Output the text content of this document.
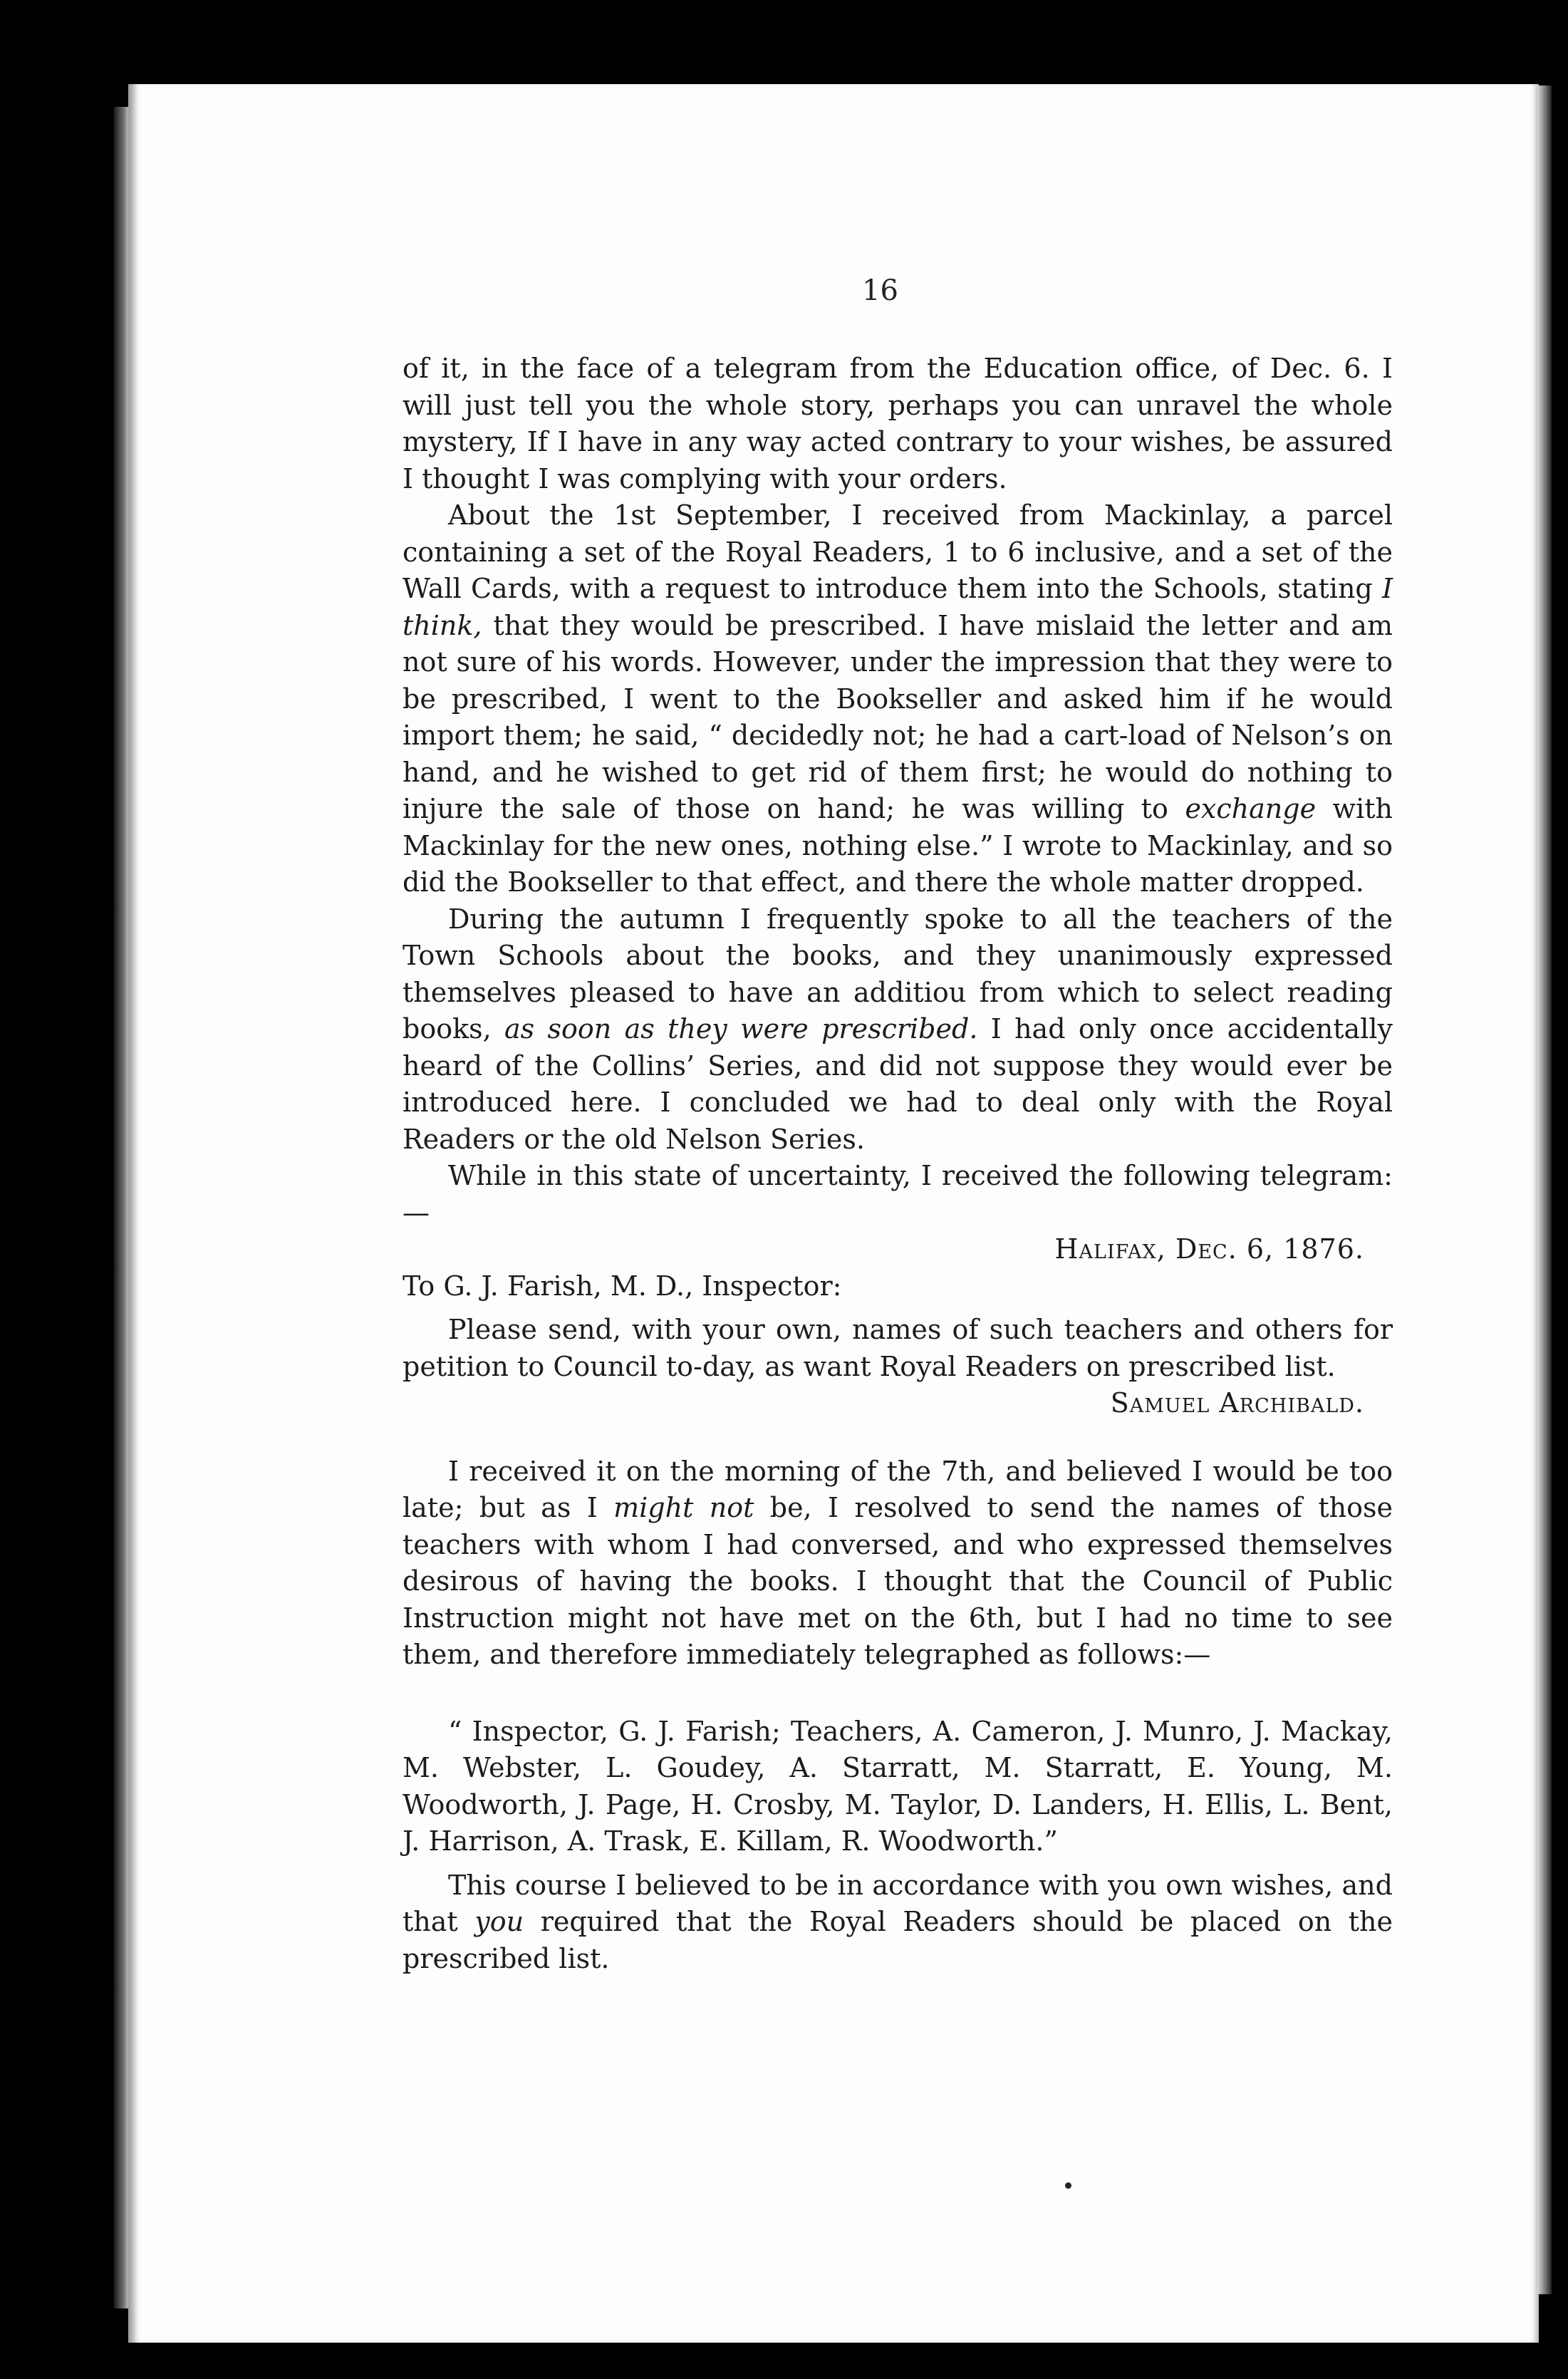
16

of it, in the face of a telegram from the Education office, of Dec. 6. I will just tell you the whole story, perhaps you can unravel the whole mystery, If I have in any way acted contrary to your wishes, be assured I thought I was complying with your orders.

About the 1st September, I received from Mackinlay, a parcel containing a set of the Royal Readers, 1 to 6 inclusive, and a set of the Wall Cards, with a request to introduce them into the Schools, stating I think, that they would be prescribed. I have mislaid the letter and am not sure of his words. However, under the impression that they were to be prescribed, I went to the Bookseller and asked him if he would import them; he said, “ decidedly not; he had a cart-load of Nelson’s on hand, and he wished to get rid of them first; he would do nothing to injure the sale of those on hand; he was willing to exchange with Mackinlay for the new ones, nothing else.” I wrote to Mackinlay, and so did the Bookseller to that effect, and there the whole matter dropped.

During the autumn I frequently spoke to all the teachers of the Town Schools about the books, and they unanimously expressed themselves pleased to have an additiou from which to select reading books, as soon as they were prescribed. I had only once accidentally heard of the Collins’ Series, and did not suppose they would ever be introduced here. I concluded we had to deal only with the Royal Readers or the old Nelson Series.

While in this state of uncertainty, I received the following telegram:—

Halifax, Dec. 6, 1876.

To G. J. Farish, M. D., Inspector:

Please send, with your own, names of such teachers and others for petition to Council to-day, as want Royal Readers on prescribed list.

Samuel Archibald.

I received it on the morning of the 7th, and believed I would be too late; but as I might not be, I resolved to send the names of those teachers with whom I had conversed, and who expressed themselves desirous of having the books. I thought that the Council of Public Instruction might not have met on the 6th, but I had no time to see them, and therefore immediately telegraphed as follows:—

“ Inspector, G. J. Farish; Teachers, A. Cameron, J. Munro, J. Mackay, M. Webster, L. Goudey, A. Starratt, M. Starratt, E. Young, M. Woodworth, J. Page, H. Crosby, M. Taylor, D. Landers, H. Ellis, L. Bent, J. Harrison, A. Trask, E. Killam, R. Woodworth.”

This course I believed to be in accordance with you own wishes, and that you required that the Royal Readers should be placed on the prescribed list.
